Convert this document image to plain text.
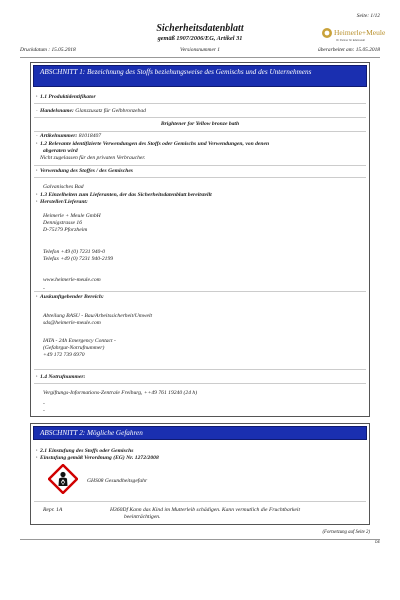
Seite: 1/12
Sicherheitsdatenblatt
gemäß 1907/2006/EG, Artikel 31
Heimerle+Meule
Ihr Partner für Edelmetall
Druckdatum : 15.05.2018	Versionsnummer 1	überarbeitet am: 15.05.2018
ABSCHNITT 1: Bezeichnung des Stoffs beziehungsweise des Gemischs und des Unternehmens
· 1.1 Produktidentifikator
· Handelsname: Glanzzusatz für Gelbbronzebad
Brightener for Yellow bronze bath
· Artikelnummer: 81018407
· 1.2 Relevante identifizierte Verwendungen des Stoffs oder Gemischs und Verwendungen, von denen
abgeraten wird
Nicht zugelassen für den privaten Verbraucher.
· Verwendung des Stoffes / des Gemisches
Galvanisches Bad
· 1.3 Einzelheiten zum Lieferanten, der das Sicherheitsdatenblatt bereitstellt
· Hersteller/Lieferant:
Heimerle + Meule GmbH
Dennigstrasse 16
D-75179 Pforzheim
Telefon +49 (0) 7231 940-0
Telefax +49 (0) 7231 940-2199
www.heimerle-meule.com
-
· Auskunftgebender Bereich:
Abteilung BASU - Bau/Arbeitssicherheit/Umwelt
sds@heimerle-meule.com
IATA - 24h Emergency Contact -
(Gefahrgut-Notrufnummer)
+49 172 739 6970
· 1.4 Notrufnummer:
Vergiftungs-Informations-Zentrale Freiburg, ++49 761 19240 (24 h)
-
-
ABSCHNITT 2: Mögliche Gefahren
· 2.1 Einstufung des Stoffs oder Gemischs
· Einstufung gemäß Verordnung (EG) Nr. 1272/2008
GHS08 Gesundheitsgefahr
Repr. 1A	H360Df Kann das Kind im Mutterleib schädigen. Kann vermutlich die Fruchtbarkeit
beeinträchtigen.
(Fortsetzung auf Seite 2)
DE
